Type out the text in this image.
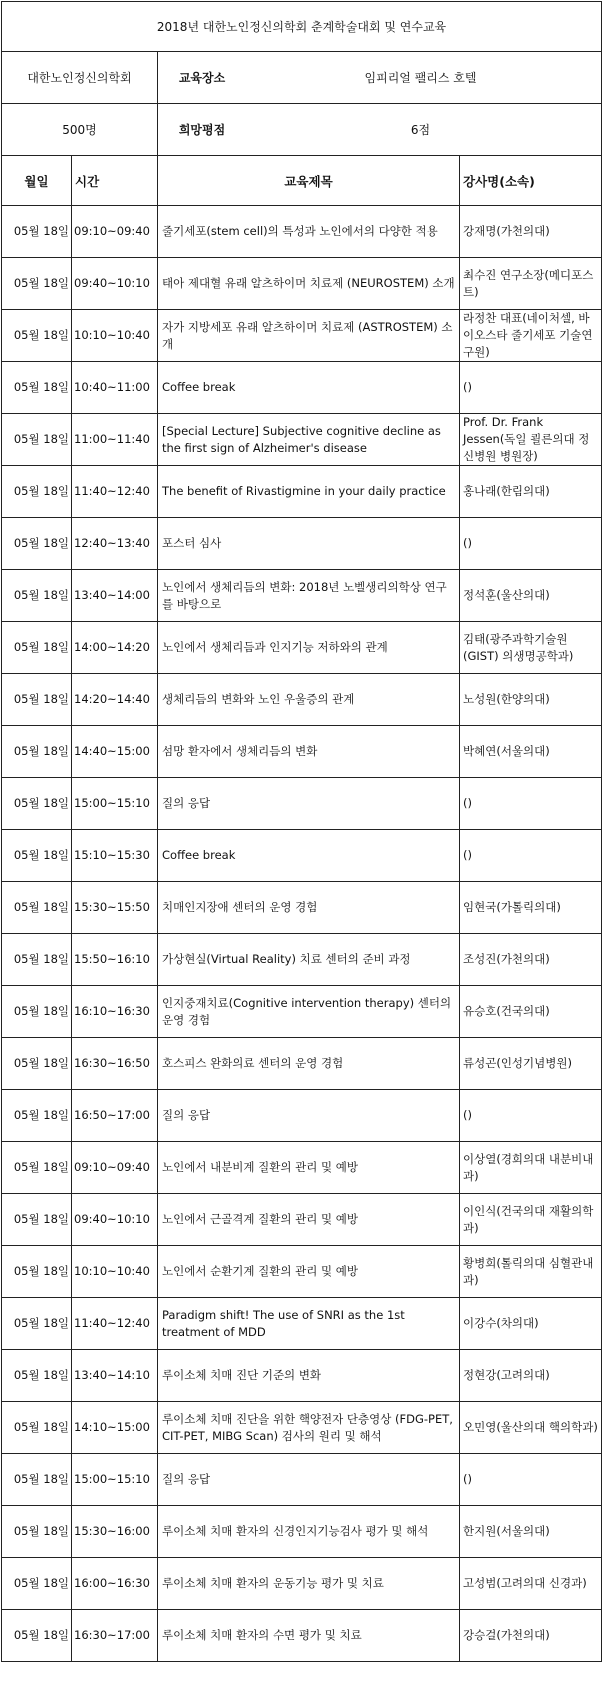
2018년 대한노인정신의학회 춘계학술대회 및 연수교육			
대한노인정신의학회		교육장소 임피리얼 팰리스 호텔	

500명		희망평점 6점	

월일	시간	교육제목	강사명(소속)
05월 18일	09:10~09:40	줄기세포(stem cell)의 특성과 노인에서의 다양한 적용	강재명(가천의대)
05월 18일	09:40~10:10	태아 제대혈 유래 알츠하이머 치료제 (NEUROSTEM) 소개	최수진 연구소장(메디포스트)
05월 18일	10:10~10:40	자가 지방세포 유래 알츠하이머 치료제 (ASTROSTEM) 소개	라정찬 대표(네이처셀, 바이오스타 줄기세포 기술연구원)
05월 18일	10:40~11:00	Coffee break	()
05월 18일	11:00~11:40	[Special Lecture] Subjective cognitive decline as the first sign of Alzheimer's disease	Prof. Dr. Frank Jessen(독일 쾰른의대 정신병원 병원장)
05월 18일	11:40~12:40	The benefit of Rivastigmine in your daily practice	홍나래(한림의대)
05월 18일	12:40~13:40	포스터 심사	()
05월 18일	13:40~14:00	노인에서 생체리듬의 변화: 2018년 노벨생리의학상 연구를 바탕으로	정석훈(울산의대)
05월 18일	14:00~14:20	노인에서 생체리듬과 인지기능 저하와의 관계	김태(광주과학기술원(GIST) 의생명공학과)
05월 18일	14:20~14:40	생체리듬의 변화와 노인 우울증의 관계	노성원(한양의대)
05월 18일	14:40~15:00	섬망 환자에서 생체리듬의 변화	박혜연(서울의대)
05월 18일	15:00~15:10	질의 응답	()
05월 18일	15:10~15:30	Coffee break	()
05월 18일	15:30~15:50	치매인지장애 센터의 운영 경험	임현국(가톨릭의대)
05월 18일	15:50~16:10	가상현실(Virtual Reality) 치료 센터의 준비 과정	조성진(가천의대)
05월 18일	16:10~16:30	인지중재치료(Cognitive intervention therapy) 센터의 운영 경험	유승호(건국의대)
05월 18일	16:30~16:50	호스피스 완화의료 센터의 운영 경험	류성곤(인성기념병원)
05월 18일	16:50~17:00	질의 응답	()
05월 18일	09:10~09:40	노인에서 내분비계 질환의 관리 및 예방	이상열(경희의대 내분비내과)
05월 18일	09:40~10:10	노인에서 근골격계 질환의 관리 및 예방	이인식(건국의대 재활의학과)
05월 18일	10:10~10:40	노인에서 순환기계 질환의 관리 및 예방	황병희(톨릭의대 심혈관내과)
05월 18일	11:40~12:40	Paradigm shift! The use of SNRI as the 1st treatment of MDD	이강수(차의대)
05월 18일	13:40~14:10	루이소체 치매 진단 기준의 변화	정현강(고려의대)
05월 18일	14:10~15:00	루이소체 치매 진단을 위한 핵양전자 단층영상 (FDG-PET, CIT-PET, MIBG Scan) 검사의 원리 및 해석	오민영(울산의대 핵의학과)
05월 18일	15:00~15:10	질의 응답	()
05월 18일	15:30~16:00	루이소체 치매 환자의 신경인지기능검사 평가 및 해석	한지원(서울의대)
05월 18일	16:00~16:30	루이소체 치매 환자의 운동기능 평가 및 치료	고성범(고려의대 신경과)
05월 18일	16:30~17:00	루이소체 치매 환자의 수면 평가 및 치료	강승걸(가천의대)
